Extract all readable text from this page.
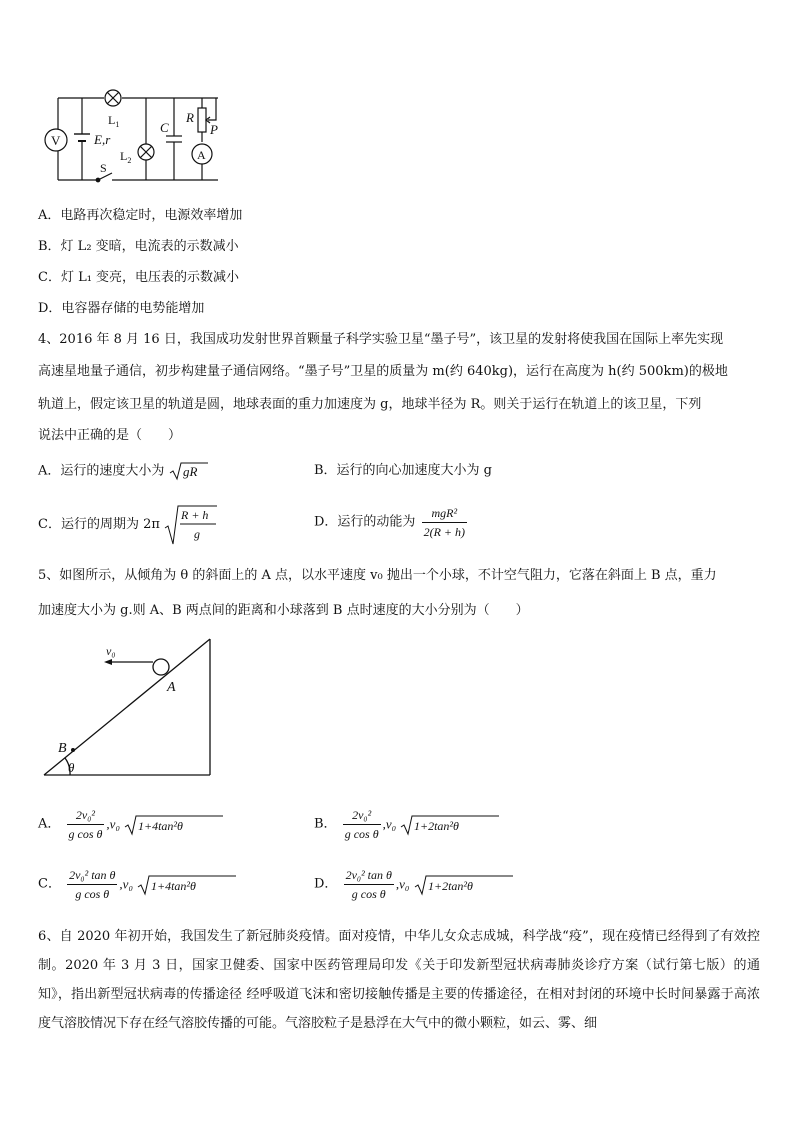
V
A
$L_1$
$L_2$
E,r
S
C
R
P
A．电路再次稳定时，电源效率增加
B．灯 L₂ 变暗，电流表的示数减小
C．灯 L₁ 变亮，电压表的示数减小
D．电容器存储的电势能增加
4、2016 年 8 月 16 日，我国成功发射世界首颗量子科学实验卫星“墨子号”，该卫星的发射将使我国在国际上率先实现
高速星地量子通信，初步构建量子通信网络。“墨子号”卫星的质量为 m(约 640kg)，运行在高度为 h(约 500km)的极地
轨道上，假定该卫星的轨道是圆，地球表面的重力加速度为 g，地球半径为 R。则关于运行在轨道上的该卫星，下列
说法中正确的是（　　）
A．运行的速度大小为 gR	B．运行的向心加速度大小为 g
C．运行的周期为 2π
R + h
g
D．运行的动能为
mgR²
2(R + h)
5、如图所示，从倾角为 θ 的斜面上的 A 点，以水平速度 v₀ 抛出一个小球，不计空气阻力，它落在斜面上 B 点，重力
加速度大小为 g.则 A、B 两点间的距离和小球落到 B 点时速度的大小分别为（　　）
v₀
A
B
θ
A． $\frac{\text{2v₀²}}{\text{g cos θ}} ,v_0$ 1+4tan²θ	B． $\frac{\text{2v₀²}}{\text{g cos θ}} ,v_0$ 1+2tan²θ
C． $\frac{\text{2v₀² tan θ}}{\text{g cos θ}} ,v_0$ 1+4tan²θ	D． $\frac{\text{2v₀² tan θ}}{\text{g cos θ}} ,v_0$ 1+2tan²θ
6、自 2020 年初开始，我国发生了新冠肺炎疫情。面对疫情，中华儿女众志成城，科学战“疫”，现在疫情已经得到了有效控制。2020 年 3 月 3 日，国家卫健委、国家中医药管理局印发《关于印发新型冠状病毒肺炎诊疗方案（试行第七版）的通知》，指出新型冠状病毒的传播途径 经呼吸道飞沫和密切接触传播是主要的传播途径，在相对封闭的环境中长时间暴露于高浓度气溶胶情况下存在经气溶胶传播的可能。气溶胶粒子是悬浮在大气中的微小颗粒，如云、雾、细
